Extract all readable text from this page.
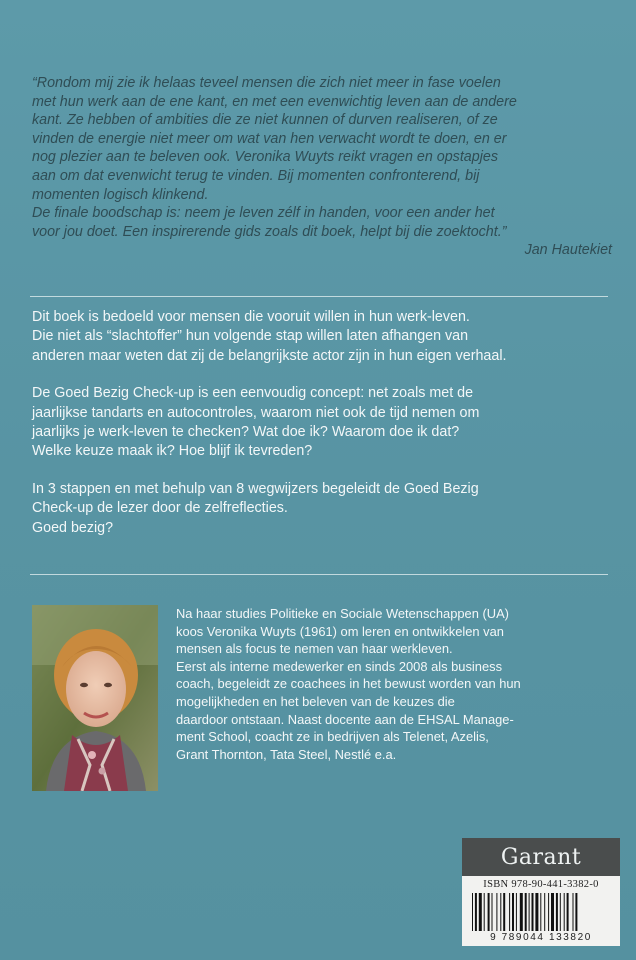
“Rondom mij zie ik helaas teveel mensen die zich niet meer in fase voelen

met hun werk aan de ene kant, en met een evenwichtig leven aan de andere

kant. Ze hebben of ambities die ze niet kunnen of durven realiseren, of ze

vinden de energie niet meer om wat van hen verwacht wordt te doen, en er

nog plezier aan te beleven ook. Veronika Wuyts reikt vragen en opstapjes

aan om dat evenwicht terug te vinden. Bij momenten confronterend, bij

momenten logisch klinkend.

De finale boodschap is: neem je leven zélf in handen, voor een ander het

voor jou doet. Een inspirerende gids zoals dit boek, helpt bij die zoektocht.”

Jan Hautekiet

Dit boek is bedoeld voor mensen die vooruit willen in hun werk-leven.
Die niet als “slachtoffer” hun volgende stap willen laten afhangen van
anderen maar weten dat zij de belangrijkste actor zijn in hun eigen verhaal.

De Goed Bezig Check-up is een eenvoudig concept: net zoals met de
jaarlijkse tandarts en autocontroles, waarom niet ook de tijd nemen om
jaarlijks je werk-leven te checken? Wat doe ik? Waarom doe ik dat?
Welke keuze maak ik? Hoe blijf ik tevreden?

In 3 stappen en met behulp van 8 wegwijzers begeleidt de Goed Bezig
Check-up de lezer door de zelfreflecties.
Goed bezig?

Na haar studies Politieke en Sociale Wetenschappen (UA)

koos Veronika Wuyts (1961) om leren en ontwikkelen van

mensen als focus te nemen van haar werkleven.

Eerst als interne medewerker en sinds 2008 als business

coach, begeleidt ze coachees in het bewust worden van hun

mogelijkheden en het beleven van de keuzes die

daardoor ontstaan. Naast docente aan de EHSAL Manage-

ment School, coacht ze in bedrijven als Telenet, Azelis,

Grant Thornton, Tata Steel, Nestlé e.a.

Garant
ISBN 978-90-441-3382-0
9 789044 133820
